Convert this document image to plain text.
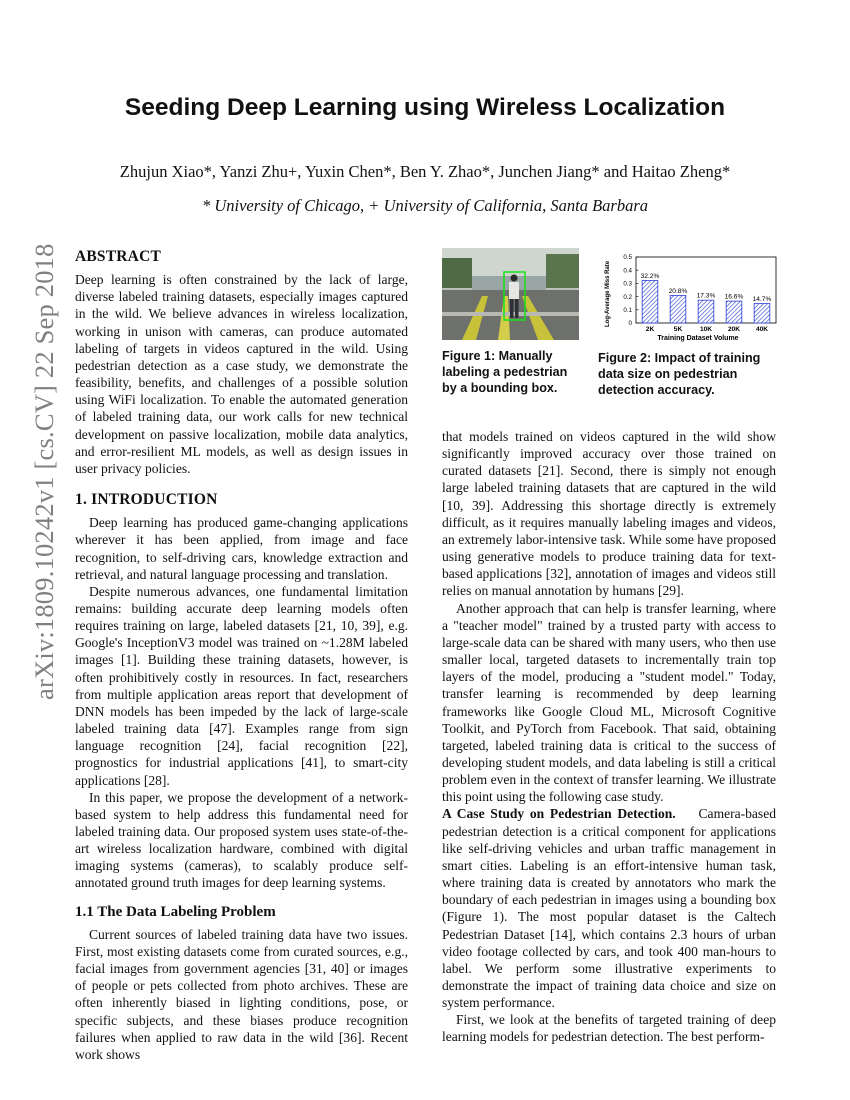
arXiv:1809.10242v1 [cs.CV] 22 Sep 2018
Seeding Deep Learning using Wireless Localization
Zhujun Xiao*, Yanzi Zhu+, Yuxin Chen*, Ben Y. Zhao*, Junchen Jiang* and Haitao Zheng*
* University of Chicago, + University of California, Santa Barbara
ABSTRACT

Deep learning is often constrained by the lack of large, diverse labeled training datasets, especially images captured in the wild. We believe advances in wireless localization, working in unison with cameras, can produce automated labeling of targets in videos captured in the wild. Using pedestrian detection as a case study, we demonstrate the feasibility, benefits, and challenges of a possible solution using WiFi localization. To enable the automated generation of labeled training data, our work calls for new technical development on passive localization, mobile data analytics, and error-resilient ML models, as well as design issues in user privacy policies.

1. INTRODUCTION

Deep learning has produced game-changing applications wherever it has been applied, from image and face recognition, to self-driving cars, knowledge extraction and retrieval, and natural language processing and translation.

Despite numerous advances, one fundamental limitation remains: building accurate deep learning models often requires training on large, labeled datasets [21, 10, 39], e.g. Google's InceptionV3 model was trained on ~1.28M labeled images [1]. Building these training datasets, however, is often prohibitively costly in resources. In fact, researchers from multiple application areas report that development of DNN models has been impeded by the lack of large-scale labeled training data [47]. Examples range from sign language recognition [24], facial recognition [22], prognostics for industrial applications [41], to smart-city applications [28].

In this paper, we propose the development of a network-based system to help address this fundamental need for labeled training data. Our proposed system uses state-of-the-art wireless localization hardware, combined with digital imaging systems (cameras), to scalably produce self-annotated ground truth images for deep learning systems.

1.1 The Data Labeling Problem

Current sources of labeled training data have two issues. First, most existing datasets come from curated sources, e.g., facial images from government agencies [31, 40] or images of people or pets collected from photo archives. These are often inherently biased in lighting conditions, pose, or specific subjects, and these biases produce recognition failures when applied to raw data in the wild [36]. Recent work shows

Figure 1: Manually labeling a pedestrian by a bounding box.
Log-Average Miss Rate
Training Dataset Volume
0
0.1
0.2
0.3
0.4
0.5
32.2%
2K
20.8%
5K
17.3%
10K
16.6%
20K
14.7%
40K
Figure 2: Impact of training data size on pedestrian detection accuracy.

that models trained on videos captured in the wild show significantly improved accuracy over those trained on curated datasets [21]. Second, there is simply not enough large labeled training datasets that are captured in the wild [10, 39]. Addressing this shortage directly is extremely difficult, as it requires manually labeling images and videos, an extremely labor-intensive task. While some have proposed using generative models to produce training data for text-based applications [32], annotation of images and videos still relies on manual annotation by humans [29].

Another approach that can help is transfer learning, where a "teacher model" trained by a trusted party with access to large-scale data can be shared with many users, who then use smaller local, targeted datasets to incrementally train top layers of the model, producing a "student model." Today, transfer learning is recommended by deep learning frameworks like Google Cloud ML, Microsoft Cognitive Toolkit, and PyTorch from Facebook. That said, obtaining targeted, labeled training data is critical to the success of developing student models, and data labeling is still a critical problem even in the context of transfer learning. We illustrate this point using the following case study.

A Case Study on Pedestrian Detection. Camera-based pedestrian detection is a critical component for applications like self-driving vehicles and urban traffic management in smart cities. Labeling is an effort-intensive human task, where training data is created by annotators who mark the boundary of each pedestrian in images using a bounding box (Figure 1). The most popular dataset is the Caltech Pedestrian Dataset [14], which contains 2.3 hours of urban video footage collected by cars, and took 400 man-hours to label. We perform some illustrative experiments to demonstrate the impact of training data choice and size on system performance.

First, we look at the benefits of targeted training of deep learning models for pedestrian detection. The best perform-
